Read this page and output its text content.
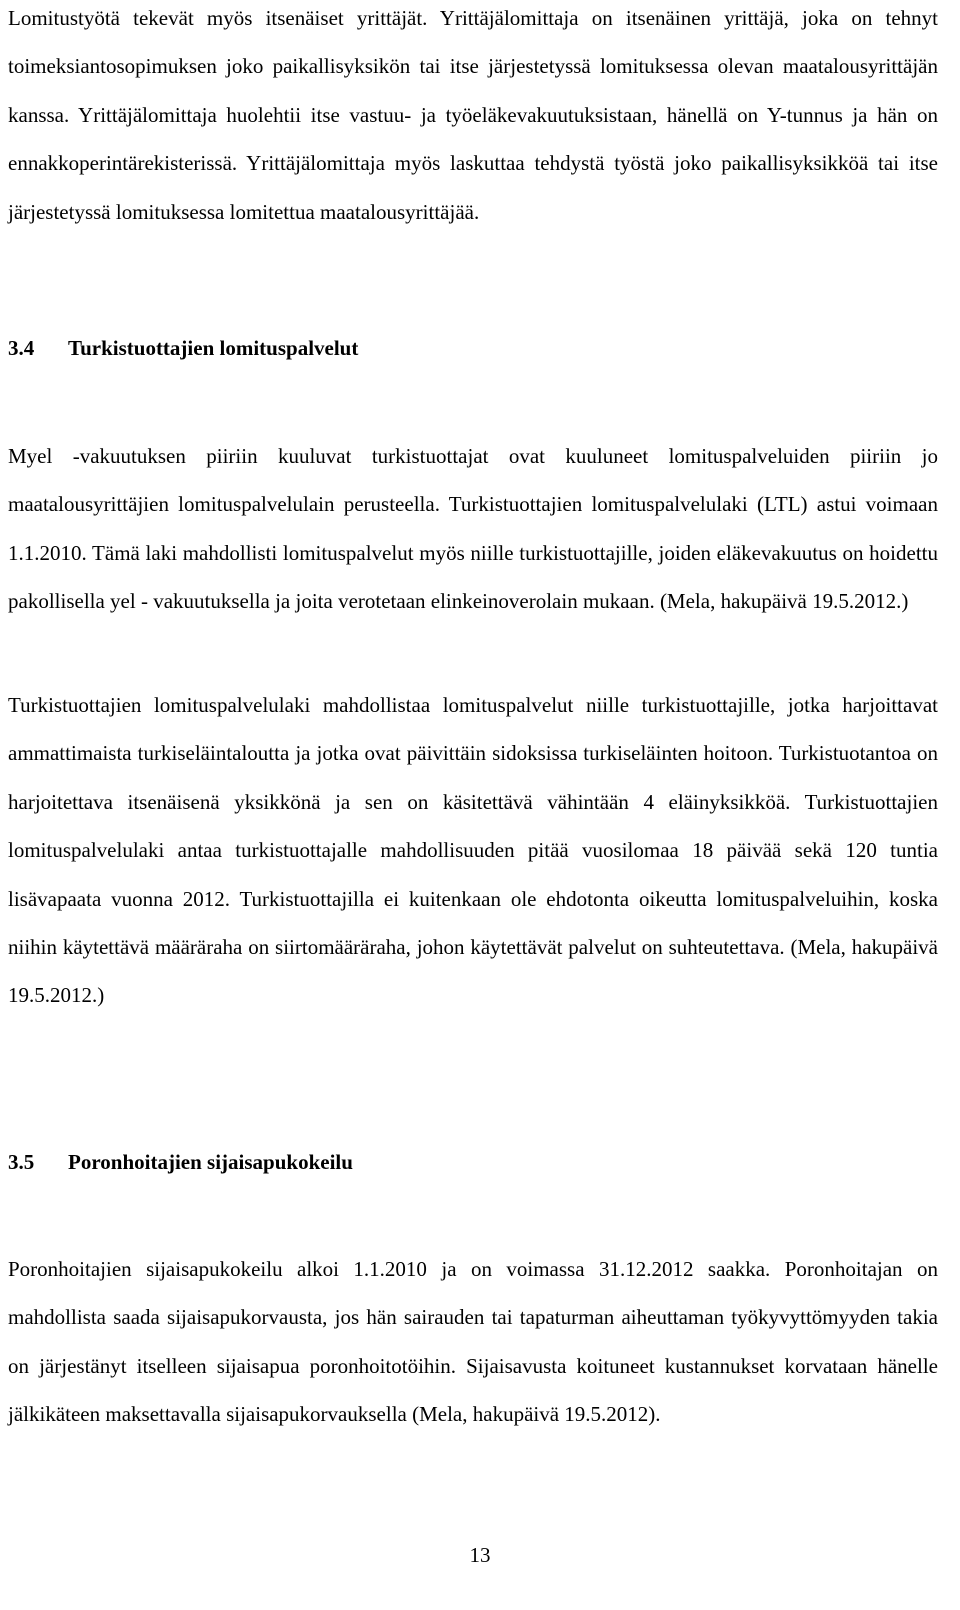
Lomitustyötä tekevät myös itsenäiset yrittäjät. Yrittäjälomittaja on itsenäinen yrittäjä, joka on tehnyt toimeksiantosopimuksen joko paikallisyksikön tai itse järjestetyssä lomituksessa olevan maatalousyrittäjän kanssa. Yrittäjälomittaja huolehtii itse vastuu- ja työeläkevakuutuksistaan, hänellä on Y-tunnus ja hän on ennakkoperintärekisterissä. Yrittäjälomittaja myös laskuttaa tehdystä työstä joko paikallisyksikköä tai itse järjestetyssä lomituksessa lomitettua maatalousyrittäjää.

3.4 Turkistuottajien lomituspalvelut

Myel -vakuutuksen piiriin kuuluvat turkistuottajat ovat kuuluneet lomituspalveluiden piiriin jo maatalousyrittäjien lomituspalvelulain perusteella. Turkistuottajien lomituspalvelulaki (LTL) astui voimaan 1.1.2010. Tämä laki mahdollisti lomituspalvelut myös niille turkistuottajille, joiden eläkevakuutus on hoidettu pakollisella yel - vakuutuksella ja joita verotetaan elinkeinoverolain mukaan. (Mela, hakupäivä 19.5.2012.)

Turkistuottajien lomituspalvelulaki mahdollistaa lomituspalvelut niille turkistuottajille, jotka harjoittavat ammattimaista turkiseläintaloutta ja jotka ovat päivittäin sidoksissa turkiseläinten hoitoon. Turkistuotantoa on harjoitettava itsenäisenä yksikkönä ja sen on käsitettävä vähintään 4 eläinyksikköä. Turkistuottajien lomituspalvelulaki antaa turkistuottajalle mahdollisuuden pitää vuosilomaa 18 päivää sekä 120 tuntia lisävapaata vuonna 2012. Turkistuottajilla ei kuitenkaan ole ehdotonta oikeutta lomituspalveluihin, koska niihin käytettävä määräraha on siirtomääräraha, johon käytettävät palvelut on suhteutettava. (Mela, hakupäivä 19.5.2012.)

3.5 Poronhoitajien sijaisapukokeilu

Poronhoitajien sijaisapukokeilu alkoi 1.1.2010 ja on voimassa 31.12.2012 saakka. Poronhoitajan on mahdollista saada sijaisapukorvausta, jos hän sairauden tai tapaturman aiheuttaman työkyvyttömyyden takia on järjestänyt itselleen sijaisapua poronhoitotöihin. Sijaisavusta koituneet kustannukset korvataan hänelle jälkikäteen maksettavalla sijaisapukorvauksella (Mela, hakupäivä 19.5.2012).

13
